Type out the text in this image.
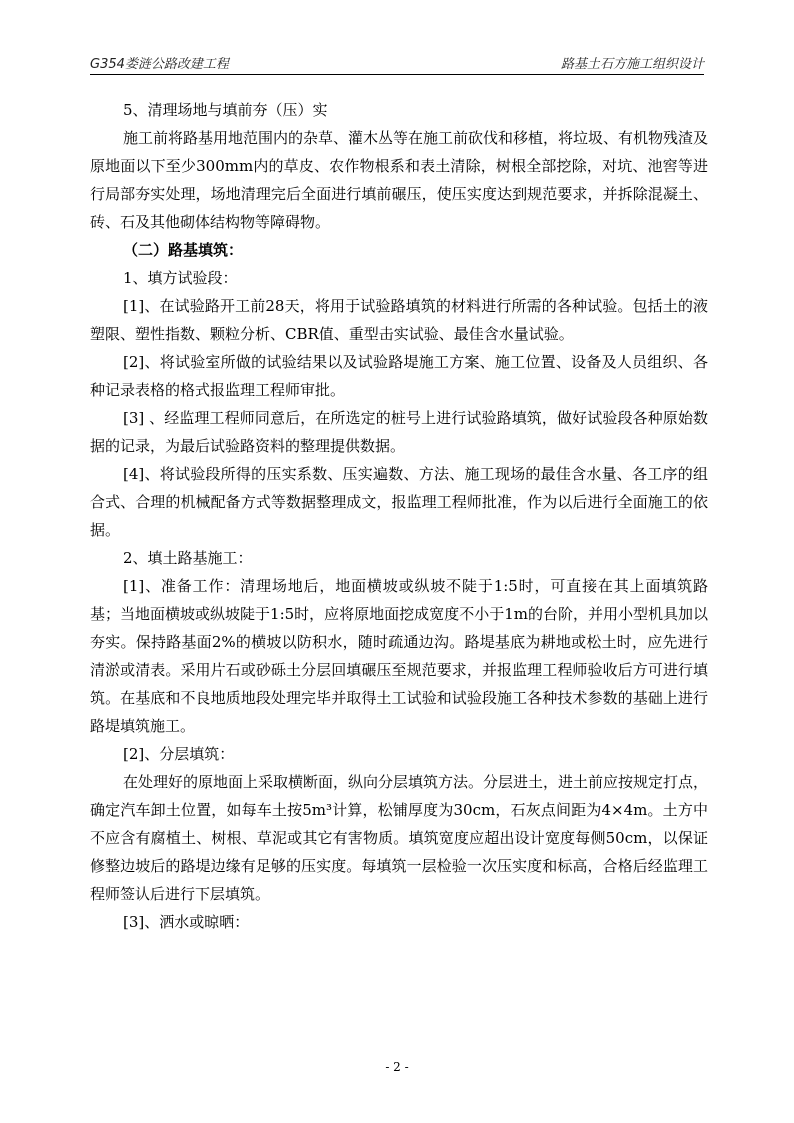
G354娄涟公路改建工程	路基土石方施工组织设计

5、清理场地与填前夯（压）实

施工前将路基用地范围内的杂草、灌木丛等在施工前砍伐和移植，将垃圾、有机物残渣及原地面以下至少300mm内的草皮、农作物根系和表土清除，树根全部挖除，对坑、池窖等进行局部夯实处理，场地清理完后全面进行填前碾压，使压实度达到规范要求，并拆除混凝土、砖、石及其他砌体结构物等障碍物。

（二）路基填筑：

1、填方试验段：

[1]、在试验路开工前28天，将用于试验路填筑的材料进行所需的各种试验。包括土的液塑限、塑性指数、颗粒分析、CBR值、重型击实试验、最佳含水量试验。

[2]、将试验室所做的试验结果以及试验路堤施工方案、施工位置、设备及人员组织、各种记录表格的格式报监理工程师审批。

[3] 、经监理工程师同意后，在所选定的桩号上进行试验路填筑，做好试验段各种原始数据的记录，为最后试验路资料的整理提供数据。

[4]、将试验段所得的压实系数、压实遍数、方法、施工现场的最佳含水量、各工序的组合式、合理的机械配备方式等数据整理成文，报监理工程师批准，作为以后进行全面施工的依据。

2、填土路基施工：

[1]、准备工作：清理场地后，地面横坡或纵坡不陡于1:5时，可直接在其上面填筑路基；当地面横坡或纵坡陡于1:5时，应将原地面挖成宽度不小于1m的台阶，并用小型机具加以夯实。保持路基面2%的横坡以防积水，随时疏通边沟。路堤基底为耕地或松土时，应先进行清淤或清表。采用片石或砂砾土分层回填碾压至规范要求，并报监理工程师验收后方可进行填筑。在基底和不良地质地段处理完毕并取得土工试验和试验段施工各种技术参数的基础上进行路堤填筑施工。

[2]、分层填筑：

在处理好的原地面上采取横断面，纵向分层填筑方法。分层进土，进土前应按规定打点，确定汽车卸土位置，如每车土按5m³计算，松铺厚度为30cm，石灰点间距为4×4m。土方中不应含有腐植土、树根、草泥或其它有害物质。填筑宽度应超出设计宽度每侧50cm，以保证修整边坡后的路堤边缘有足够的压实度。每填筑一层检验一次压实度和标高，合格后经监理工程师签认后进行下层填筑。

[3]、洒水或晾晒：

- 2 -
